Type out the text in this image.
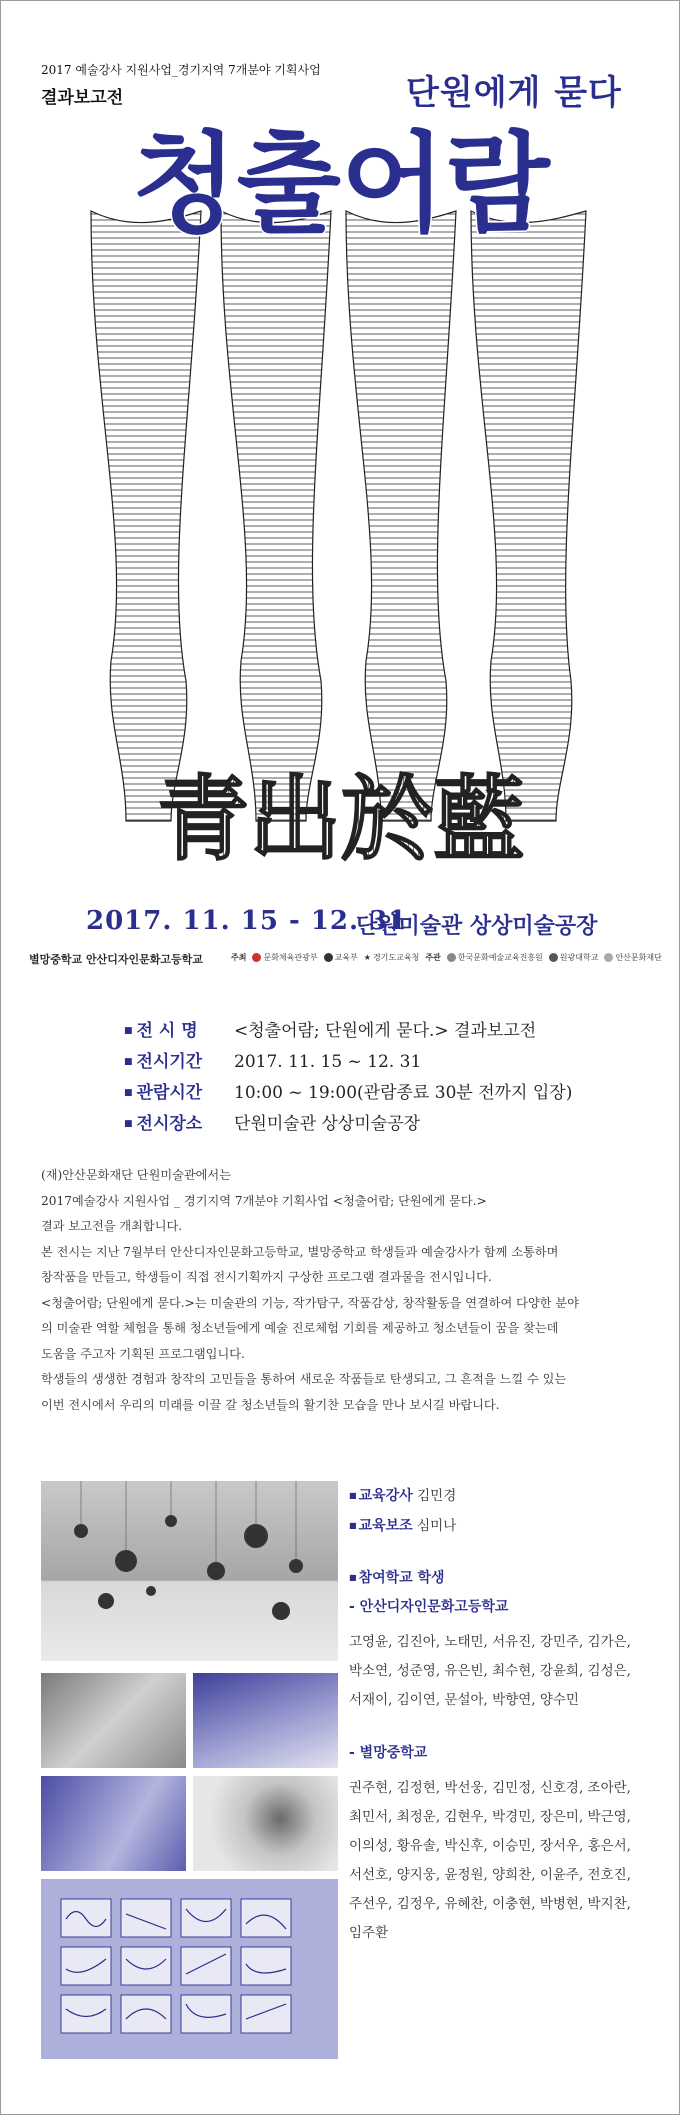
2017 예술강사 지원사업_경기지역 7개분야 기획사업
결과보고전	단원에게 묻다
青出於藍
청출어람
2017. 11. 15 - 12. 31
단원미술관 상상미술공장
별망중학교 안산디자인문화고등학교	주최 문화체육관광부 교육부 ★ 경기도교육청 주관 한국문화예술교육진흥원 원광대학교 안산문화재단
■ 전 시 명	<청출어람; 단원에게 묻다.> 결과보고전
■ 전시기간	2017. 11. 15 ~ 12. 31
■ 관람시간	10:00 ~ 19:00(관람종료 30분 전까지 입장)
■ 전시장소	단원미술관 상상미술공장

(재)안산문화재단 단원미술관에서는

2017예술강사 지원사업 _ 경기지역 7개분야 기획사업 <청출어람; 단원에게 묻다.>

결과 보고전을 개최합니다.

본 전시는 지난 7월부터 안산디자인문화고등학교, 별망중학교 학생들과 예술강사가 함께 소통하며

창작품을 만들고, 학생들이 직접 전시기획까지 구상한 프로그램 결과물을 전시입니다.

<청출어람; 단원에게 묻다.>는 미술관의 기능, 작가탐구, 작품감상, 창작활동을 연결하여 다양한 분야

의 미술관 역할 체험을 통해 청소년들에게 예술 진로체험 기회를 제공하고 청소년들이 꿈을 찾는데

도움을 주고자 기획된 프로그램입니다.

학생들의 생생한 경험과 창작의 고민들을 통하여 새로운 작품들로 탄생되고, 그 흔적을 느낄 수 있는

이번 전시에서 우리의 미래를 이끌 갈 청소년들의 활기찬 모습을 만나 보시길 바랍니다.

■ 교육강사 김민경
■ 교육보조 심미나
■ 참여학교 학생
- 안산디자인문화고등학교
고영윤, 김진아, 노태민, 서유진, 강민주, 김가은,
박소연, 성준영, 유은빈, 최수현, 강윤희, 김성은,
서재이, 김이연, 문설아, 박향연, 양수민
- 별망중학교
권주현, 김정현, 박선웅, 김민정, 신호경, 조아란,
최민서, 최정운, 김현우, 박경민, 장은미, 박근영,
이의성, 황유솔, 박신후, 이승민, 장서우, 홍은서,
서선호, 양지웅, 윤정원, 양희찬, 이윤주, 전호진,
주선우, 김정우, 유혜찬, 이충현, 박병현, 박지찬,
임주환
